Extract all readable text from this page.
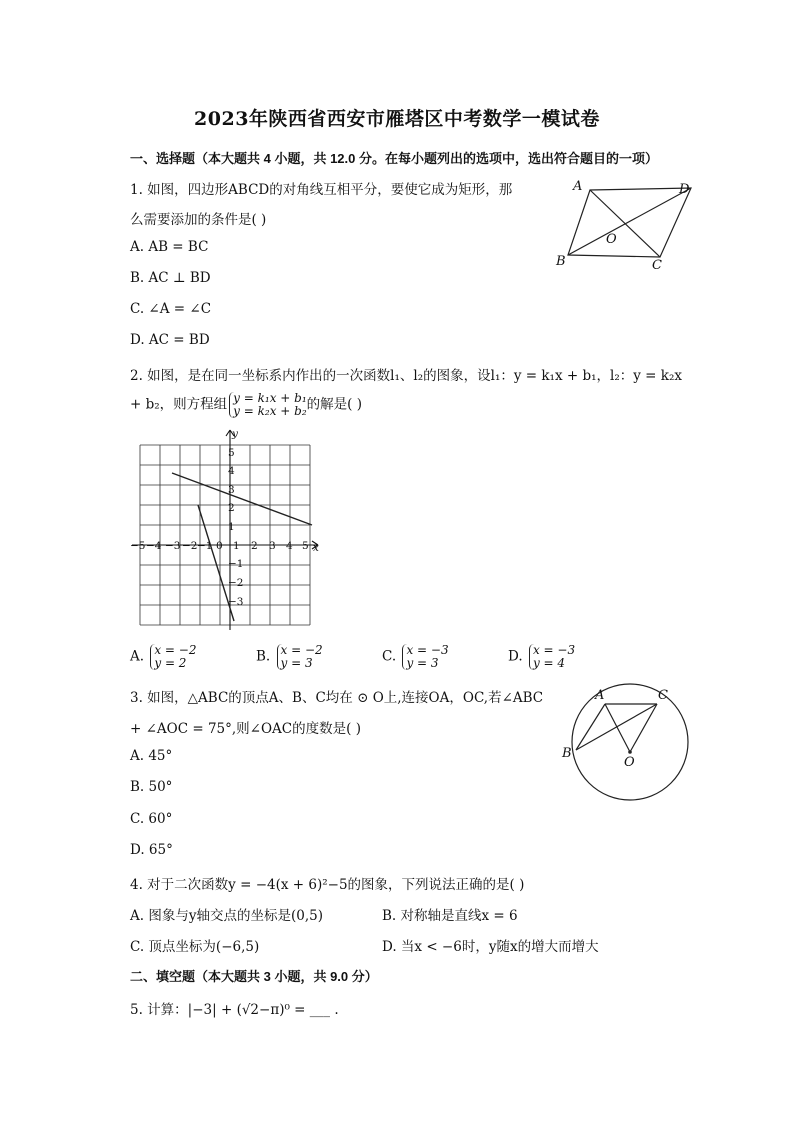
2023年陕西省西安市雁塔区中考数学一模试卷
一、选择题（本大题共 4 小题，共 12.0 分。在每小题列出的选项中，选出符合题目的一项）
1. 如图，四边形ABCD的对角线互相平分，要使它成为矩形，那
么需要添加的条件是( )
A. AB = BC
B. AC ⊥ BD
C. ∠A = ∠C
D. AC = BD
A	D
O
B	C
2. 如图，是在同一坐标系内作出的一次函数l₁、l₂的图象，设l₁：y = k₁x + b₁，l₂：y = k₂x
+ b₂，则方程组 y = k₁x + b₁
y = k₂x + b₂的解是( )
y
x
0
−5 −4 −3 −2 −1 1 2 3 4 5
5
4
3
2
1
−1
−2
−3
A. x = −2
y = 2	B. x = −2
y = 3	C. x = −3
y = 3	D. x = −3
y = 4
3. 如图，△ABC的顶点A、B、C均在 ⊙ O上,连接OA，OC,若∠ABC
+ ∠AOC = 75°,则∠OAC的度数是( )
A. 45°
B. 50°
C. 60°
D. 65°
A	C
B
O
4. 对于二次函数y = −4(x + 6)²−5的图象，下列说法正确的是( )
A. 图象与y轴交点的坐标是(0,5)	B. 对称轴是直线x = 6
C. 顶点坐标为(−6,5)	D. 当x < −6时，y随x的增大而增大
二、填空题（本大题共 3 小题，共 9.0 分）
5. 计算：|−3| + (√2−π)⁰ = ___ .
